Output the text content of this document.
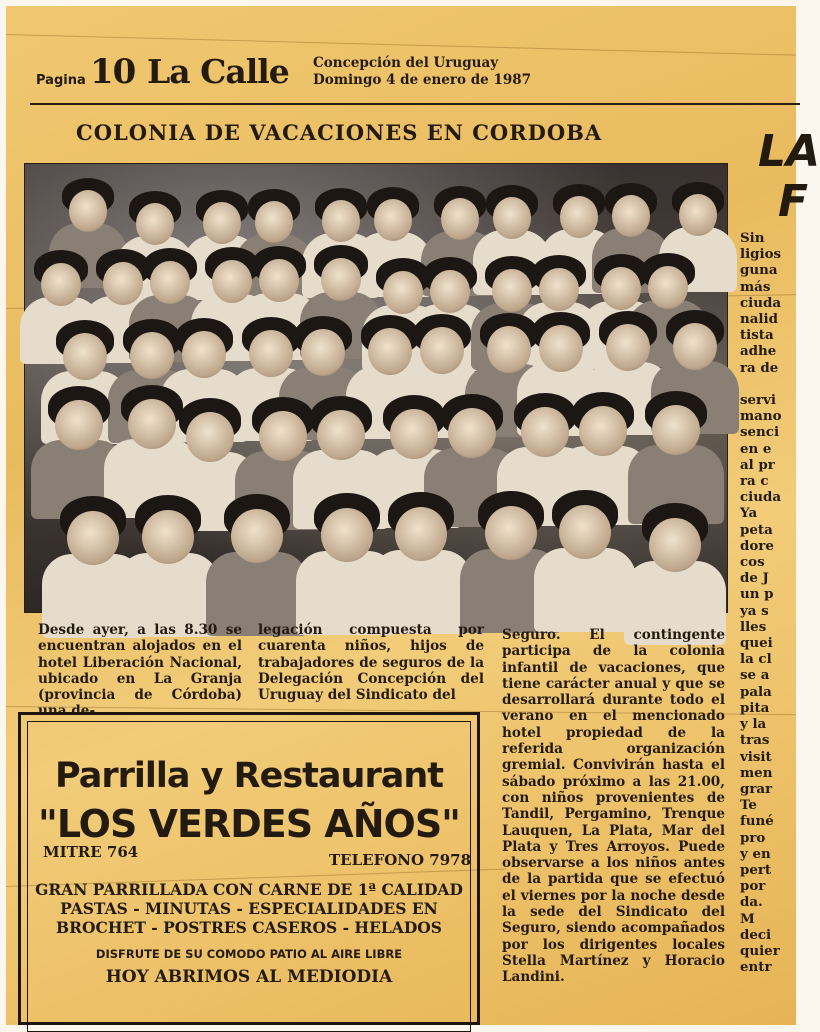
Pagina 10 La Calle Concepción del Uruguay
Domingo 4 de enero de 1987
COLONIA DE VACACIONES EN CORDOBA

Desde ayer, a las 8.30 se encuentran alojados en el hotel Liberación Nacional, ubicado en La Granja (provincia de Córdoba) una de-

legación compuesta por cuarenta niños, hijos de trabajadores de seguros de la Delegación Concepción del Uruguay del Sindicato del

Seguro. El contingente participa de la colonia infantil de vacaciones, que tiene carácter anual y que se desarrollará durante todo el verano en el mencionado hotel propiedad de la referida organización gremial. Convivirán hasta el sábado próximo a las 21.00, con niños provenientes de Tandil, Pergamino, Trenque Lauquen, La Plata, Mar del Plata y Tres Arroyos. Puede observarse a los niños antes de la partida que se efectuó el viernes por la noche desde la sede del Sindicato del Seguro, siendo acompañados por los dirigentes locales Stella Martínez y Horacio Landini.

Parrilla y Restaurant
"LOS VERDES AÑOS"
MITRE 764	TELEFONO 7978
GRAN PARRILLADA CON CARNE DE 1ª CALIDAD
PASTAS - MINUTAS - ESPECIALIDADES EN
BROCHET - POSTRES CASEROS - HELADOS
DISFRUTE DE SU COMODO PATIO AL AIRE LIBRE
HOY ABRIMOS AL MEDIODIA
LA
F
Sin
ligios
guna
más
ciuda
nalid
tista
adhe
ra de

servi
mano
senci
en e
al pr
ra c
ciuda
Ya
peta
dore
cos
de J
un p
ya s
lles
quei
la cl
se a
pala
pita
y la
tras
visit
men
grar
Te
funé
pro
y en
pert
por
da.
M
deci
quier
entr
